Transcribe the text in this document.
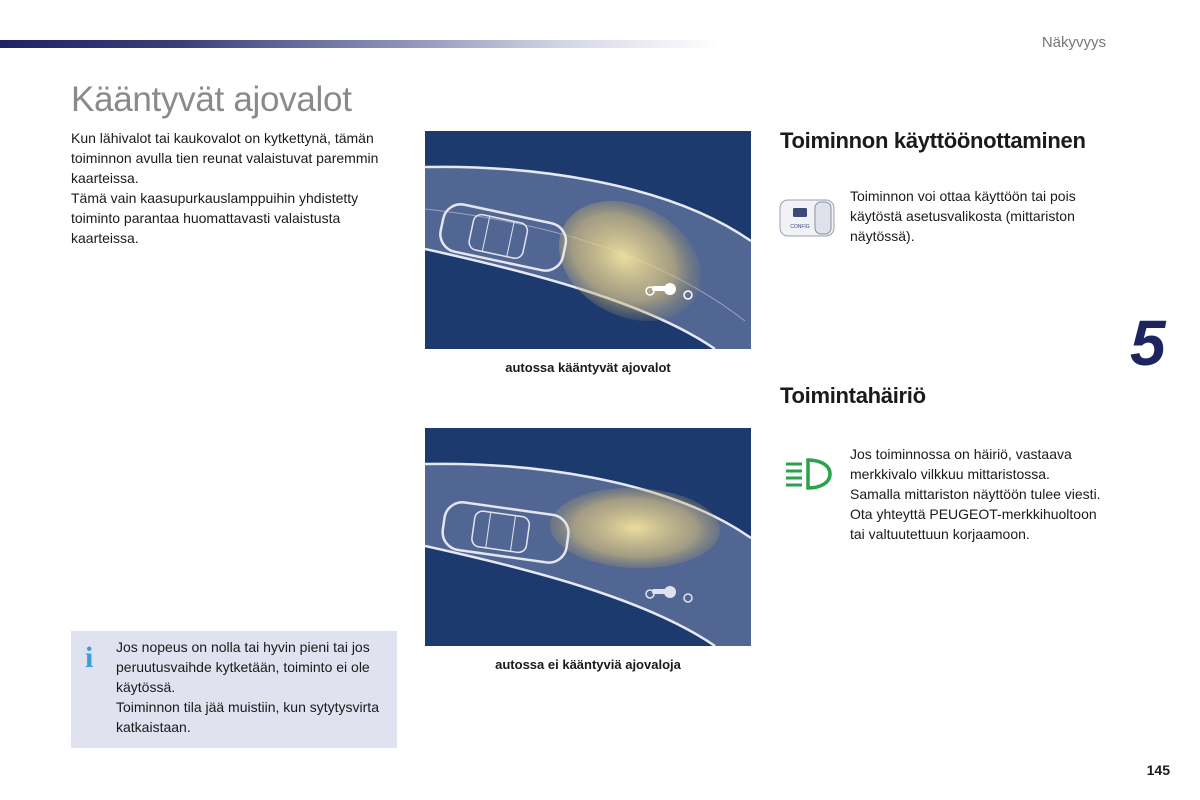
Näkyvyys
Kääntyvät ajovalot

Kun lähivalot tai kaukovalot on kytkettynä, tämän toiminnon avulla tien reunat valaistuvat paremmin kaarteissa.

Tämä vain kaasupurkauslamppuihin yhdistetty toiminto parantaa huomattavasti valaistusta kaarteissa.

autossa kääntyvät ajovalot
autossa ei kääntyviä ajovaloja
Toiminnon käyttöönottaminen
CONFIG
Toiminnon voi ottaa käyttöön tai pois käytöstä asetusvalikosta (mittariston näytössä).
Toimintahäiriö

Jos toiminnossa on häiriö, vastaava merkkivalo vilkkuu mittaristossa.

Samalla mittariston näyttöön tulee viesti.

Ota yhteyttä PEUGEOT-merkkihuoltoon tai valtuutettuun korjaamoon.

5
i Jos nopeus on nolla tai hyvin pieni tai jos peruutusvaihde kytketään, toiminto ei ole käytössä.

Toiminnon tila jää muistiin, kun sytytysvirta katkaistaan.

145
